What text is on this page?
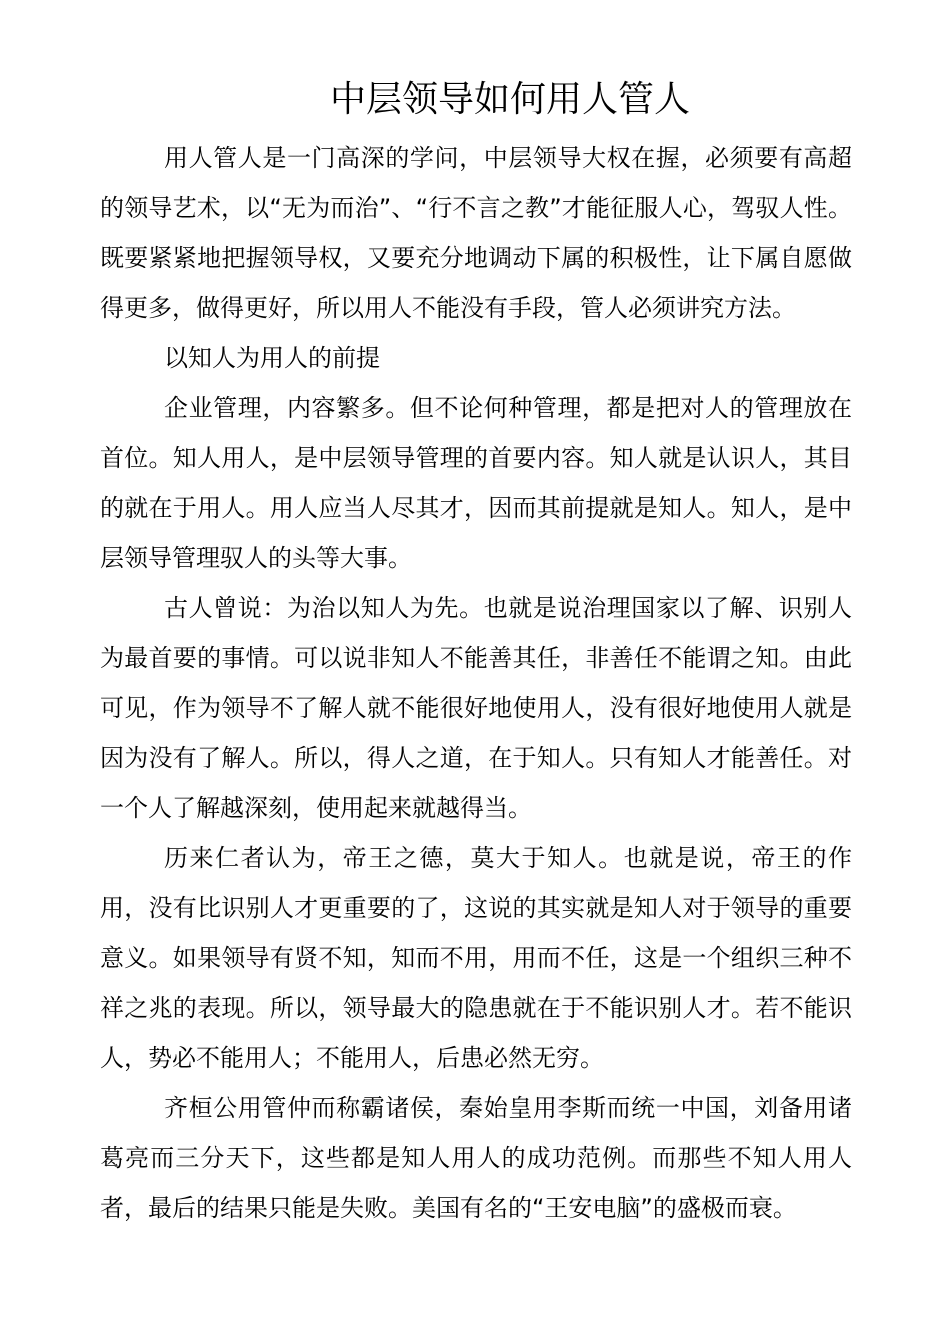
中层领导如何用人管人

用人管人是一门高深的学问，中层领导大权在握，必须要有高超的领导艺术，以“无为而治”、“行不言之教”才能征服人心，驾驭人性。既要紧紧地把握领导权，又要充分地调动下属的积极性，让下属自愿做得更多，做得更好，所以用人不能没有手段，管人必须讲究方法。

以知人为用人的前提

企业管理，内容繁多。但不论何种管理，都是把对人的管理放在首位。知人用人，是中层领导管理的首要内容。知人就是认识人，其目的就在于用人。用人应当人尽其才，因而其前提就是知人。知人，是中层领导管理驭人的头等大事。

古人曾说：为治以知人为先。也就是说治理国家以了解、识别人为最首要的事情。可以说非知人不能善其任，非善任不能谓之知。由此可见，作为领导不了解人就不能很好地使用人，没有很好地使用人就是因为没有了解人。所以，得人之道，在于知人。只有知人才能善任。对一个人了解越深刻，使用起来就越得当。

历来仁者认为，帝王之德，莫大于知人。也就是说，帝王的作用，没有比识别人才更重要的了，这说的其实就是知人对于领导的重要意义。如果领导有贤不知，知而不用，用而不任，这是一个组织三种不祥之兆的表现。所以，领导最大的隐患就在于不能识别人才。若不能识人，势必不能用人；不能用人，后患必然无穷。

齐桓公用管仲而称霸诸侯，秦始皇用李斯而统一中国，刘备用诸葛亮而三分天下，这些都是知人用人的成功范例。而那些不知人用人者，最后的结果只能是失败。美国有名的“王安电脑”的盛极而衰。
